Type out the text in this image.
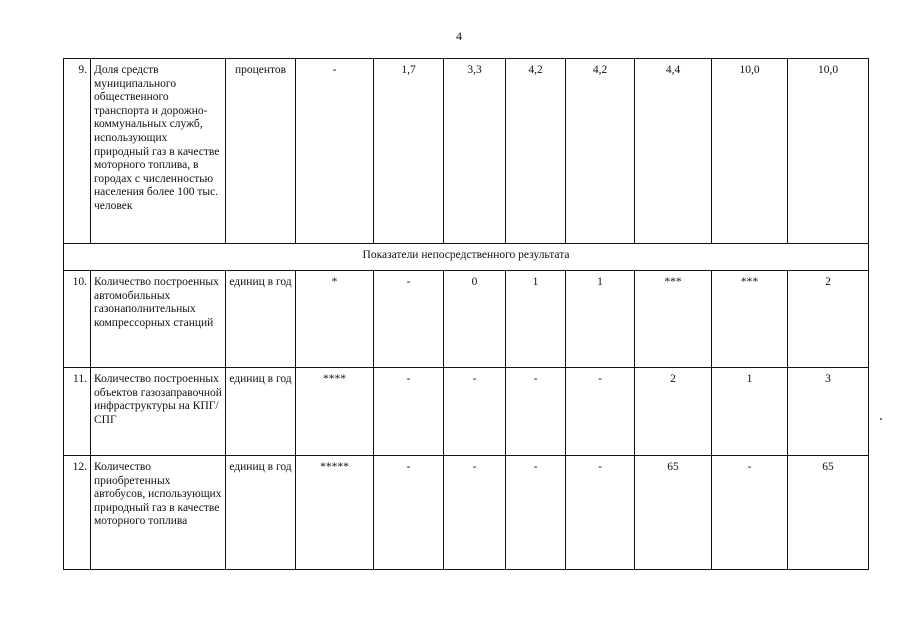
4
9.	Доля средств муниципального общественного транспорта и дорожно-коммунальных служб, использующих природный газ в качестве моторного топлива, в городах с численностью населения более 100 тыс. человек	процентов	-	1,7	3,3	4,2	4,2	4,4	10,0	10,0
Показатели непосредственного результата										
10.	Количество построенных автомобильных газонаполнительных компрессорных станций	единиц в год	*	-	0	1	1	***	***	2
11.	Количество построенных объектов газозаправочной инфраструктуры на КПГ/СПГ	единиц в год	****	-	-	-	-	2	1	3
12.	Количество приобретенных автобусов, использующих природный газ в качестве моторного топлива	единиц в год	*****	-	-	-	-	65	-	65
